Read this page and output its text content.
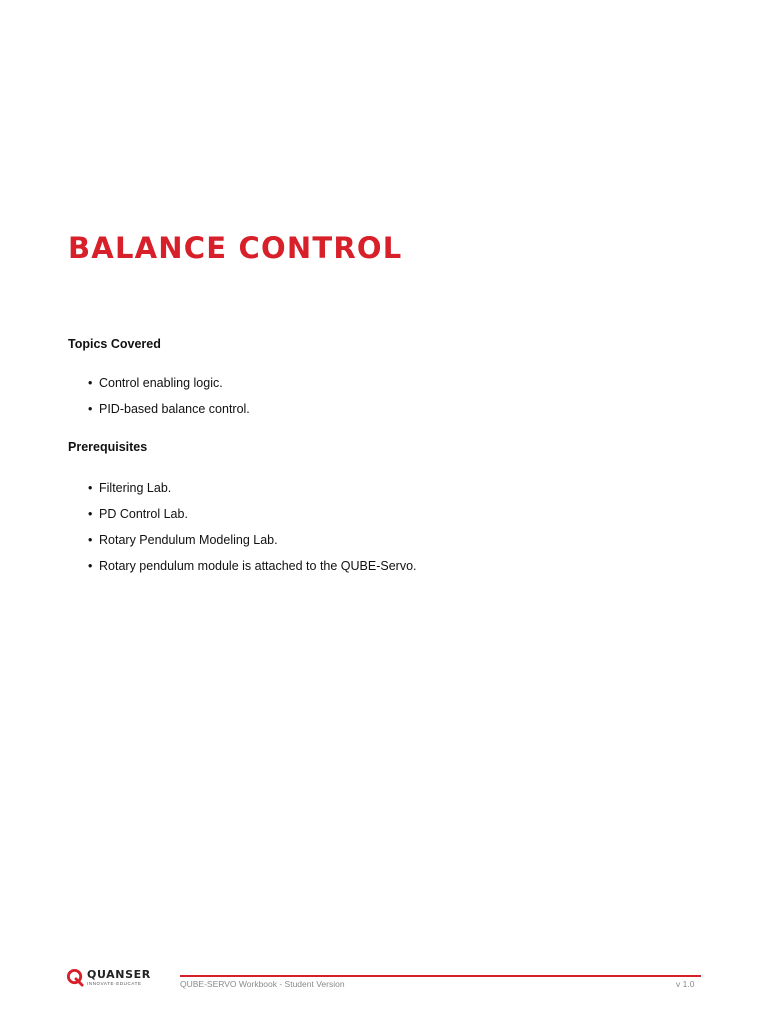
BALANCE CONTROL
Topics Covered
• Control enabling logic.
• PID-based balance control.
Prerequisites
• Filtering Lab.
• PD Control Lab.
• Rotary Pendulum Modeling Lab.
• Rotary pendulum module is attached to the QUBE-Servo.
QUANSER
INNOVATE·EDUCATE	QUBE-SERVO Workbook - Student Version	v 1.0
